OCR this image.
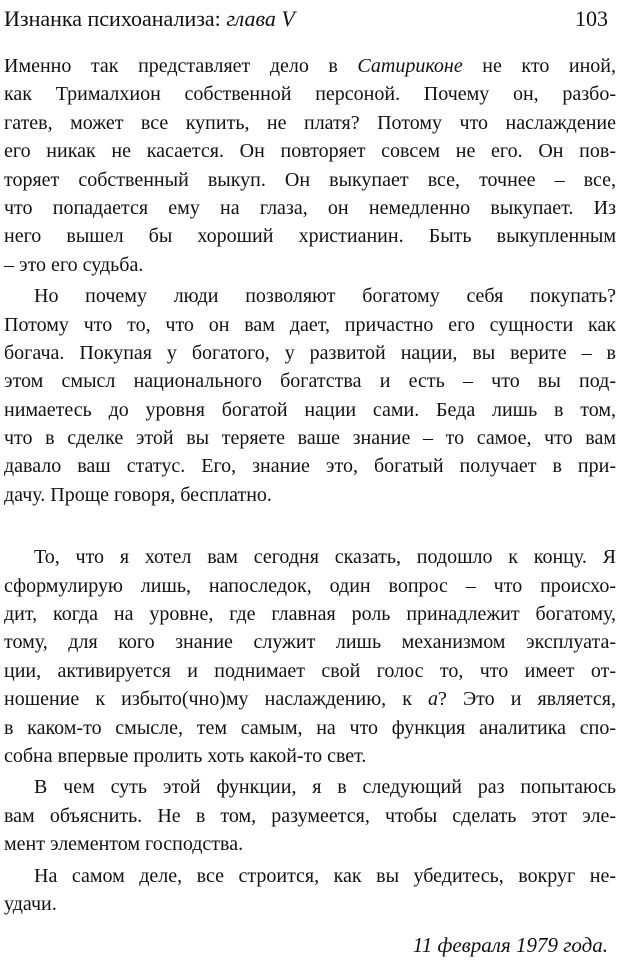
Изнанка психоанализа: глава V	103
Именно так представляет дело в Сатириконе не кто иной,
как Трималхион собственной персоной. Почему он, разбо-
гатев, может все купить, не платя? Потому что наслаждение
его никак не касается. Он повторяет совсем не его. Он пов-
торяет собственный выкуп. Он выкупает все, точнее – все,
что попадается ему на глаза, он немедленно выкупает. Из
него вышел бы хороший христианин. Быть выкупленным
– это его судьба.
Но почему люди позволяют богатому себя покупать?
Потому что то, что он вам дает, причастно его сущности как
богача. Покупая у богатого, у развитой нации, вы верите – в
этом смысл национального богатства и есть – что вы под-
нимаетесь до уровня богатой нации сами. Беда лишь в том,
что в сделке этой вы теряете ваше знание – то самое, что вам
давало ваш статус. Его, знание это, богатый получает в при-
дачу. Проще говоря, бесплатно.
То, что я хотел вам сегодня сказать, подошло к концу. Я
сформулирую лишь, напоследок, один вопрос – что происхо-
дит, когда на уровне, где главная роль принадлежит богатому,
тому, для кого знание служит лишь механизмом эксплуата-
ции, активируется и поднимает свой голос то, что имеет от-
ношение к избыто(чно)му наслаждению, к а? Это и является,
в каком-то смысле, тем самым, на что функция аналитика спо-
собна впервые пролить хоть какой-то свет.
В чем суть этой функции, я в следующий раз попытаюсь
вам объяснить. Не в том, разумеется, чтобы сделать этот эле-
мент элементом господства.
На самом деле, все строится, как вы убедитесь, вокруг не-
удачи.
11 февраля 1979 года.
